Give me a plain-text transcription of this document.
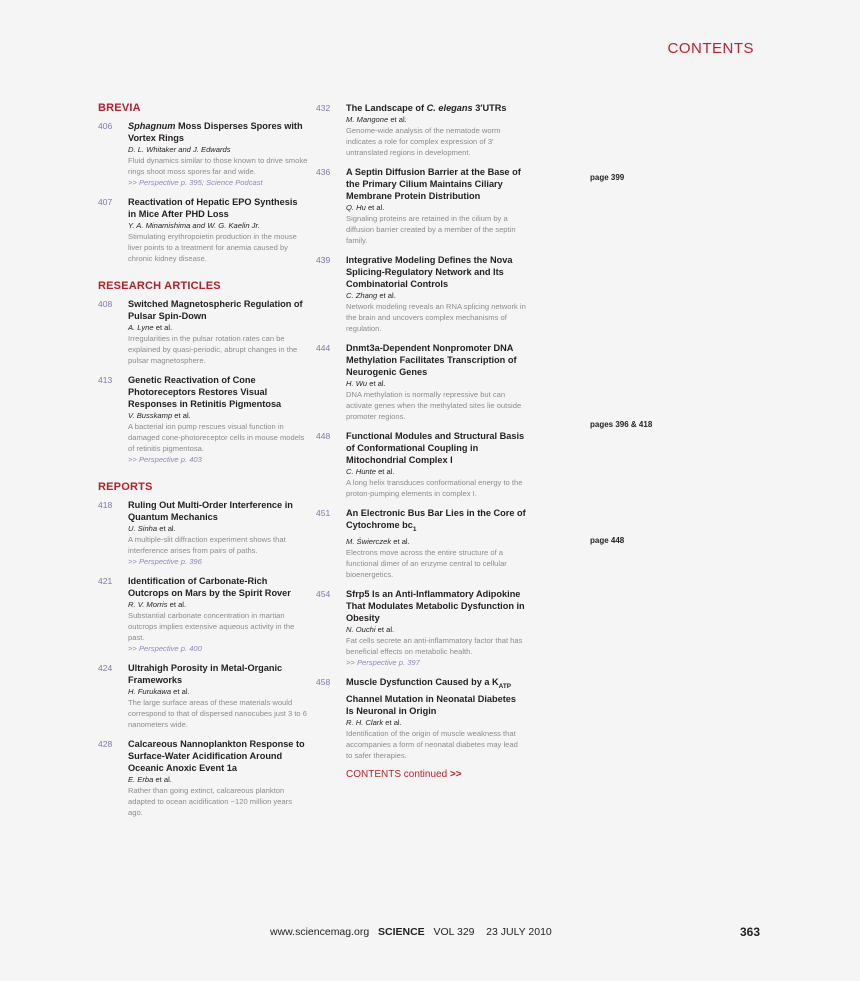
CONTENTS
BREVIA
406	Sphagnum Moss Disperses Spores with Vortex Rings
D. L. Whitaker and J. Edwards
Fluid dynamics similar to those known to drive smoke rings shoot moss spores far and wide.
>> Perspective p. 395; Science Podcast
407	Reactivation of Hepatic EPO Synthesis in Mice After PHD Loss
Y. A. Minamishima and W. G. Kaelin Jr.
Stimulating erythropoietin production in the mouse liver points to a treatment for anemia caused by chronic kidney disease.
RESEARCH ARTICLES
408	Switched Magnetospheric Regulation of Pulsar Spin-Down
A. Lyne et al.
Irregularities in the pulsar rotation rates can be explained by quasi-periodic, abrupt changes in the pulsar magnetosphere.
413	Genetic Reactivation of Cone Photoreceptors Restores Visual Responses in Retinitis Pigmentosa
V. Busskamp et al.
A bacterial ion pump rescues visual function in damaged cone-photoreceptor cells in mouse models of retinitis pigmentosa.
>> Perspective p. 403
REPORTS
418	Ruling Out Multi-Order Interference in Quantum Mechanics
U. Sinha et al.
A multiple-slit diffraction experiment shows that interference arises from pairs of paths.
>> Perspective p. 396
421	Identification of Carbonate-Rich Outcrops on Mars by the Spirit Rover
R. V. Morris et al.
Substantial carbonate concentration in martian outcrops implies extensive aqueous activity in the past.
>> Perspective p. 400
424	Ultrahigh Porosity in Metal-Organic Frameworks
H. Furukawa et al.
The large surface areas of these materials would correspond to that of dispersed nanocubes just 3 to 6 nanometers wide.
428	Calcareous Nannoplankton Response to Surface-Water Acidification Around Oceanic Anoxic Event 1a
E. Erba et al.
Rather than going extinct, calcareous plankton adapted to ocean acidification ~120 million years ago.
432	The Landscape of C. elegans 3′UTRs
M. Mangone et al.
Genome-wide analysis of the nematode worm indicates a role for complex expression of 3′ untranslated regions in development.
436	A Septin Diffusion Barrier at the Base of the Primary Cilium Maintains Ciliary Membrane Protein Distribution
Q. Hu et al.
Signaling proteins are retained in the cilium by a diffusion barrier created by a member of the septin family.
439	Integrative Modeling Defines the Nova Splicing-Regulatory Network and Its Combinatorial Controls
C. Zhang et al.
Network modeling reveals an RNA splicing network in the brain and uncovers complex mechanisms of regulation.
444	Dnmt3a-Dependent Nonpromoter DNA Methylation Facilitates Transcription of Neurogenic Genes
H. Wu et al.
DNA methylation is normally repressive but can activate genes when the methylated sites lie outside promoter regions.
448	Functional Modules and Structural Basis of Conformational Coupling in Mitochondrial Complex I
C. Hunte et al.
A long helix transduces conformational energy to the proton-pumping elements in complex I.
451	An Electronic Bus Bar Lies in the Core of Cytochrome $bc_1$
M. Świerczek et al.
Electrons move across the entire structure of a functional dimer of an enzyme central to cellular bioenergetics.
454	Sfrp5 Is an Anti-Inflammatory Adipokine That Modulates Metabolic Dysfunction in Obesity
N. Ouchi et al.
Fat cells secrete an anti-inflammatory factor that has beneficial effects on metabolic health.
>> Perspective p. 397
458	Muscle Dysfunction Caused by a $K_{ATP}$ Channel Mutation in Neonatal Diabetes Is Neuronal in Origin
R. H. Clark et al.
Identification of the origin of muscle weakness that accompanies a form of neonatal diabetes may lead to safer therapies.
CONTENTS continued >>
page 399
pages 396 & 418
page 448
www.sciencemag.org SCIENCE VOL 329 23 JULY 2010	363
